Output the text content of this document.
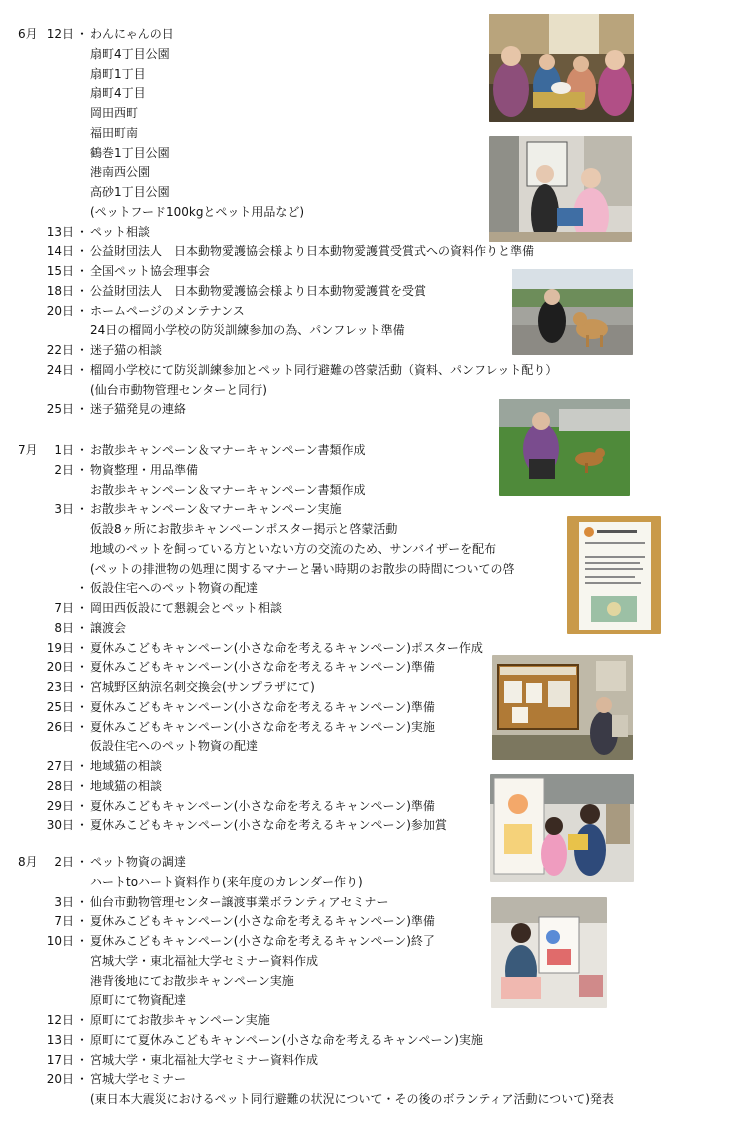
6月 12日 ・ わんにゃんの日
扇町4丁目公園
扇町1丁目
扇町4丁目
岡田西町
福田町南
鶴巻1丁目公園
港南西公園
高砂1丁目公園
(ペットフード100kgとペット用品など)
13日 ・ ペット相談
14日 ・ 公益財団法人　日本動物愛護協会様より日本動物愛護賞受賞式への資料作りと準備
15日 ・ 全国ペット協会理事会
18日 ・ 公益財団法人　日本動物愛護協会様より日本動物愛護賞を受賞
20日 ・ ホームページのメンテナンス
24日の榴岡小学校の防災訓練参加の為、パンフレット準備
22日 ・ 迷子猫の相談
24日 ・ 榴岡小学校にて防災訓練参加とペット同行避難の啓蒙活動（資料、パンフレット配り）
(仙台市動物管理センターと同行)
25日 ・ 迷子猫発見の連絡
7月	1日 ・ お散歩キャンペーン＆マナーキャンペーン書類作成
2日 ・ 物資整理・用品準備
お散歩キャンペーン＆マナーキャンペーン書類作成
3日 ・ お散歩キャンペーン＆マナーキャンペーン実施
仮設8ヶ所にお散歩キャンペーンポスター掲示と啓蒙活動
地域のペットを飼っている方といない方の交流のため、サンバイザーを配布
(ペットの排泄物の処理に関するマナーと暑い時期のお散歩の時間についての啓
・ 仮設住宅へのペット物資の配達
7日 ・ 岡田西仮設にて懇親会とペット相談
8日 ・ 譲渡会
19日 ・ 夏休みこどもキャンペーン(小さな命を考えるキャンペーン)ポスター作成
20日 ・ 夏休みこどもキャンペーン(小さな命を考えるキャンペーン)準備
23日 ・ 宮城野区納涼名刺交換会(サンプラザにて)
25日 ・ 夏休みこどもキャンペーン(小さな命を考えるキャンペーン)準備
26日 ・ 夏休みこどもキャンペーン(小さな命を考えるキャンペーン)実施
仮設住宅へのペット物資の配達
27日 ・ 地域猫の相談
28日 ・ 地域猫の相談
29日 ・ 夏休みこどもキャンペーン(小さな命を考えるキャンペーン)準備
30日 ・ 夏休みこどもキャンペーン(小さな命を考えるキャンペーン)参加賞
8月	2日 ・ ペット物資の調達
ハートtoハート資料作り(来年度のカレンダー作り)
3日 ・ 仙台市動物管理センター譲渡事業ボランティアセミナー
7日 ・ 夏休みこどもキャンペーン(小さな命を考えるキャンペーン)準備
10日 ・ 夏休みこどもキャンペーン(小さな命を考えるキャンペーン)終了
宮城大学・東北福祉大学セミナー資料作成
港背後地にてお散歩キャンペーン実施
原町にて物資配達
12日 ・ 原町にてお散歩キャンペーン実施
13日 ・ 原町にて夏休みこどもキャンペーン(小さな命を考えるキャンペーン)実施
17日 ・ 宮城大学・東北福祉大学セミナー資料作成
20日 ・ 宮城大学セミナー
(東日本大震災におけるペット同行避難の状況について・その後のボランティア活動について)発表
